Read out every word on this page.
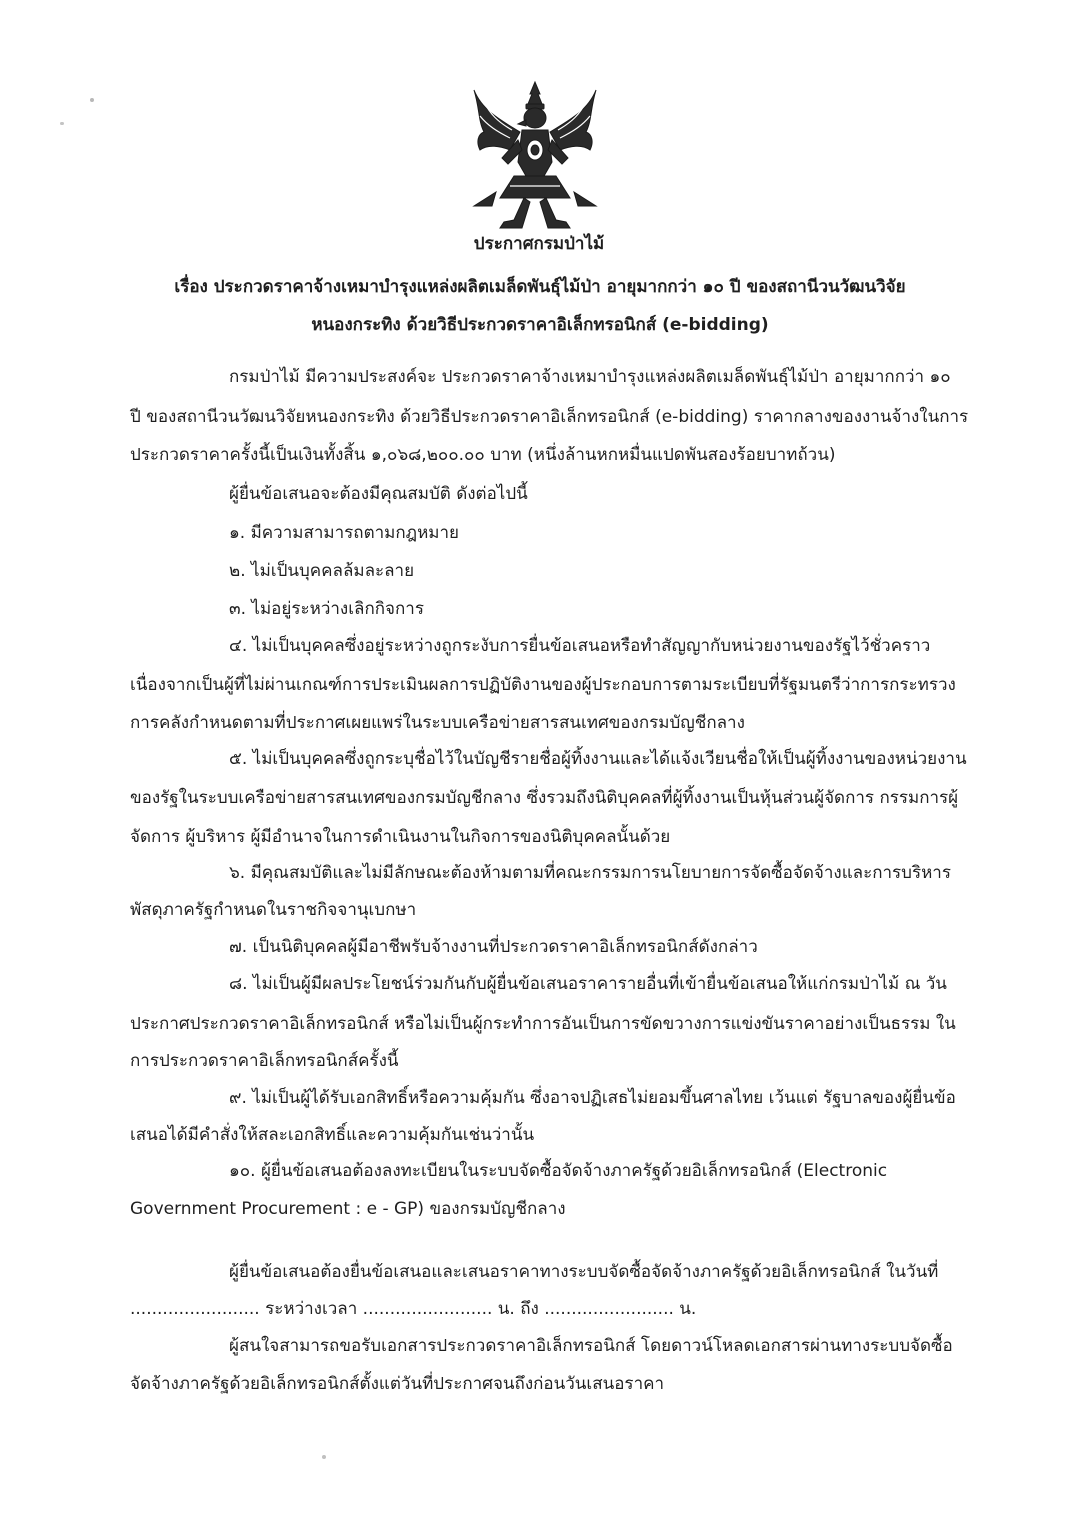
ประกาศกรมป่าไม้
เรื่อง ประกวดราคาจ้างเหมาบำรุงแหล่งผลิตเมล็ดพันธุ์ไม้ป่า อายุมากกว่า ๑๐ ปี ของสถานีวนวัฒนวิจัย
หนองกระทิง ด้วยวิธีประกวดราคาอิเล็กทรอนิกส์ (e-bidding)
กรมป่าไม้ มีความประสงค์จะ ประกวดราคาจ้างเหมาบำรุงแหล่งผลิตเมล็ดพันธุ์ไม้ป่า อายุมากกว่า ๑๐
ปี ของสถานีวนวัฒนวิจัยหนองกระทิง ด้วยวิธีประกวดราคาอิเล็กทรอนิกส์ (e-bidding) ราคากลางของงานจ้างในการ
ประกวดราคาครั้งนี้เป็นเงินทั้งสิ้น ๑,๐๖๘,๒๐๐.๐๐ บาท (หนึ่งล้านหกหมื่นแปดพันสองร้อยบาทถ้วน)
ผู้ยื่นข้อเสนอจะต้องมีคุณสมบัติ ดังต่อไปนี้
๑. มีความสามารถตามกฎหมาย
๒. ไม่เป็นบุคคลล้มละลาย
๓. ไม่อยู่ระหว่างเลิกกิจการ
๔. ไม่เป็นบุคคลซึ่งอยู่ระหว่างถูกระงับการยื่นข้อเสนอหรือทำสัญญากับหน่วยงานของรัฐไว้ชั่วคราว
เนื่องจากเป็นผู้ที่ไม่ผ่านเกณฑ์การประเมินผลการปฏิบัติงานของผู้ประกอบการตามระเบียบที่รัฐมนตรีว่าการกระทรวง
การคลังกำหนดตามที่ประกาศเผยแพร่ในระบบเครือข่ายสารสนเทศของกรมบัญชีกลาง
๕. ไม่เป็นบุคคลซึ่งถูกระบุชื่อไว้ในบัญชีรายชื่อผู้ทิ้งงานและได้แจ้งเวียนชื่อให้เป็นผู้ทิ้งงานของหน่วยงาน
ของรัฐในระบบเครือข่ายสารสนเทศของกรมบัญชีกลาง ซึ่งรวมถึงนิติบุคคลที่ผู้ทิ้งงานเป็นหุ้นส่วนผู้จัดการ กรรมการผู้
จัดการ ผู้บริหาร ผู้มีอำนาจในการดำเนินงานในกิจการของนิติบุคคลนั้นด้วย
๖. มีคุณสมบัติและไม่มีลักษณะต้องห้ามตามที่คณะกรรมการนโยบายการจัดซื้อจัดจ้างและการบริหาร
พัสดุภาครัฐกำหนดในราชกิจจานุเบกษา
๗. เป็นนิติบุคคลผู้มีอาชีพรับจ้างงานที่ประกวดราคาอิเล็กทรอนิกส์ดังกล่าว
๘. ไม่เป็นผู้มีผลประโยชน์ร่วมกันกับผู้ยื่นข้อเสนอราคารายอื่นที่เข้ายื่นข้อเสนอให้แก่กรมป่าไม้ ณ วัน
ประกาศประกวดราคาอิเล็กทรอนิกส์ หรือไม่เป็นผู้กระทำการอันเป็นการขัดขวางการแข่งขันราคาอย่างเป็นธรรม ใน
การประกวดราคาอิเล็กทรอนิกส์ครั้งนี้
๙. ไม่เป็นผู้ได้รับเอกสิทธิ์หรือความคุ้มกัน ซึ่งอาจปฏิเสธไม่ยอมขึ้นศาลไทย เว้นแต่ รัฐบาลของผู้ยื่นข้อ
เสนอได้มีคำสั่งให้สละเอกสิทธิ์และความคุ้มกันเช่นว่านั้น
๑๐. ผู้ยื่นข้อเสนอต้องลงทะเบียนในระบบจัดซื้อจัดจ้างภาครัฐด้วยอิเล็กทรอนิกส์ (Electronic
Government Procurement : e - GP) ของกรมบัญชีกลาง
ผู้ยื่นข้อเสนอต้องยื่นข้อเสนอและเสนอราคาทางระบบจัดซื้อจัดจ้างภาครัฐด้วยอิเล็กทรอนิกส์ ในวันที่
........................ ระหว่างเวลา ........................ น. ถึง ........................ น.
ผู้สนใจสามารถขอรับเอกสารประกวดราคาอิเล็กทรอนิกส์ โดยดาวน์โหลดเอกสารผ่านทางระบบจัดซื้อ
จัดจ้างภาครัฐด้วยอิเล็กทรอนิกส์ตั้งแต่วันที่ประกาศจนถึงก่อนวันเสนอราคา
